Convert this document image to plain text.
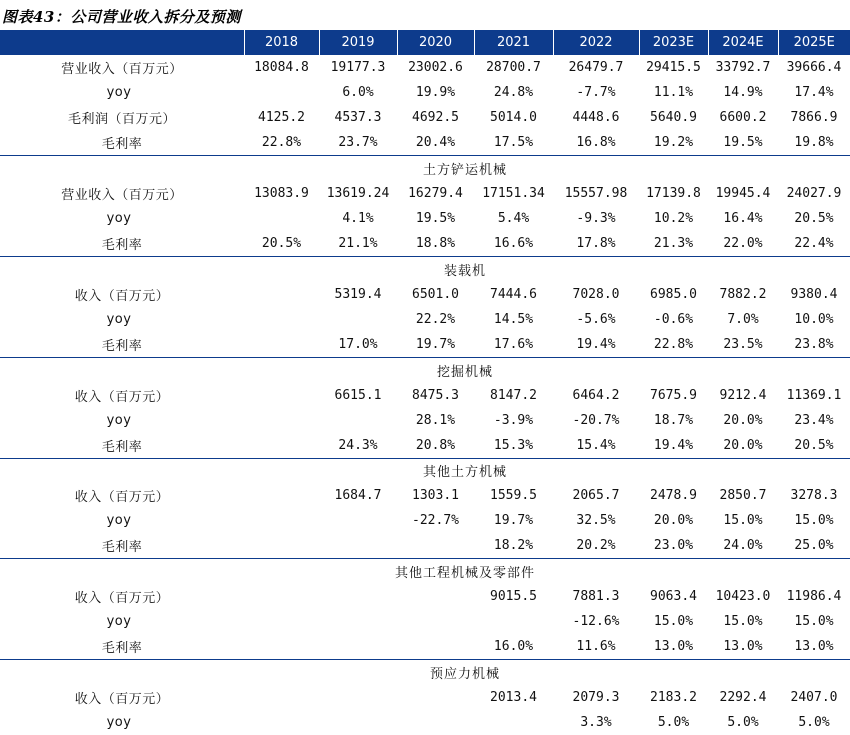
图表43：公司营业收入拆分及预测
	2018	2019	2020	2021	2022	2023E	2024E	2025E
营业收入（百万元）	18084.8	19177.3	23002.6	28700.7	26479.7	29415.5	33792.7	39666.4
yoy		6.0%	19.9%	24.8%	-7.7%	11.1%	14.9%	17.4%
毛利润（百万元）	4125.2	4537.3	4692.5	5014.0	4448.6	5640.9	6600.2	7866.9
毛利率	22.8%	23.7%	20.4%	17.5%	16.8%	19.2%	19.5%	19.8%
土方铲运机械								
营业收入（百万元）	13083.9	13619.24	16279.4	17151.34	15557.98	17139.8	19945.4	24027.9
yoy		4.1%	19.5%	5.4%	-9.3%	10.2%	16.4%	20.5%
毛利率	20.5%	21.1%	18.8%	16.6%	17.8%	21.3%	22.0%	22.4%
装载机								
收入（百万元）		5319.4	6501.0	7444.6	7028.0	6985.0	7882.2	9380.4
yoy			22.2%	14.5%	-5.6%	-0.6%	7.0%	10.0%
毛利率		17.0%	19.7%	17.6%	19.4%	22.8%	23.5%	23.8%
挖掘机械								
收入（百万元）		6615.1	8475.3	8147.2	6464.2	7675.9	9212.4	11369.1
yoy			28.1%	-3.9%	-20.7%	18.7%	20.0%	23.4%
毛利率		24.3%	20.8%	15.3%	15.4%	19.4%	20.0%	20.5%
其他土方机械								
收入（百万元）		1684.7	1303.1	1559.5	2065.7	2478.9	2850.7	3278.3
yoy			-22.7%	19.7%	32.5%	20.0%	15.0%	15.0%
毛利率				18.2%	20.2%	23.0%	24.0%	25.0%
其他工程机械及零部件								
收入（百万元）				9015.5	7881.3	9063.4	10423.0	11986.4
yoy					-12.6%	15.0%	15.0%	15.0%
毛利率				16.0%	11.6%	13.0%	13.0%	13.0%
预应力机械								
收入（百万元）				2013.4	2079.3	2183.2	2292.4	2407.0
yoy					3.3%	5.0%	5.0%	5.0%
